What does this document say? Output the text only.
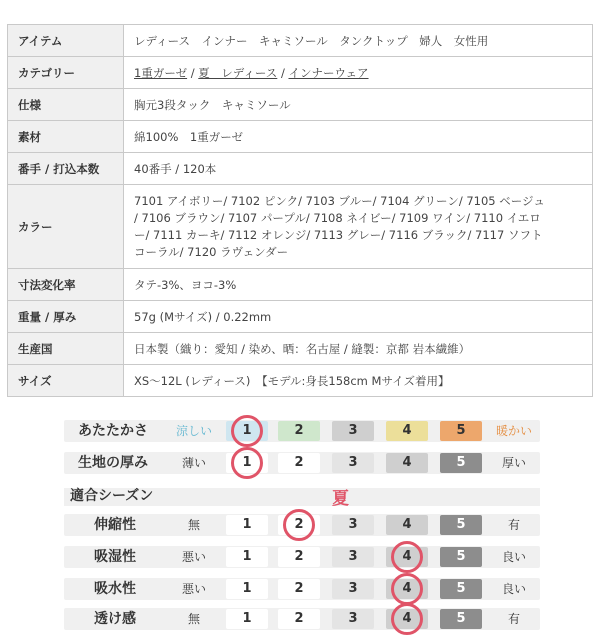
アイテム	レディース　インナー　キャミソール　タンクトップ　婦人　女性用
カテゴリー	1重ガーゼ / 夏　レディース / インナーウェア
仕様	胸元3段タック　キャミソール
素材	綿100%　1重ガーゼ
番手 / 打込本数	40番手 / 120本
カラー	7101 アイボリー/ 7102 ピンク/ 7103 ブルー/ 7104 グリーン/ 7105 ベージュ
/ 7106 ブラウン/ 7107 パープル/ 7108 ネイビー/ 7109 ワイン/ 7110 イエロ
ー/ 7111 カーキ/ 7112 オレンジ/ 7113 グレー/ 7116 ブラック/ 7117 ソフト
コーラル/ 7120 ラヴェンダー

寸法変化率	タテ-3%、ヨコ-3%
重量 / 厚み	57g (Mサイズ) / 0.22mm
生産国	日本製（織り：愛知 / 染め、晒：名古屋 / 縫製：京都 岩本繊維）
サイズ	XS～12L (レディース)　【モデル:身長158cm Mサイズ着用】
あたたかさ 涼しい	1	2	3	4	5	暖かい
生地の厚み	薄い	1	2	3	4	5	厚い
適合シーズン	夏
伸縮性	無	1	2	3	4	5	有
吸湿性	悪い	1	2	3	4	5	良い
吸水性	悪い	1	2	3	4	5	良い
透け感	無	1	2	3	4	5	有
